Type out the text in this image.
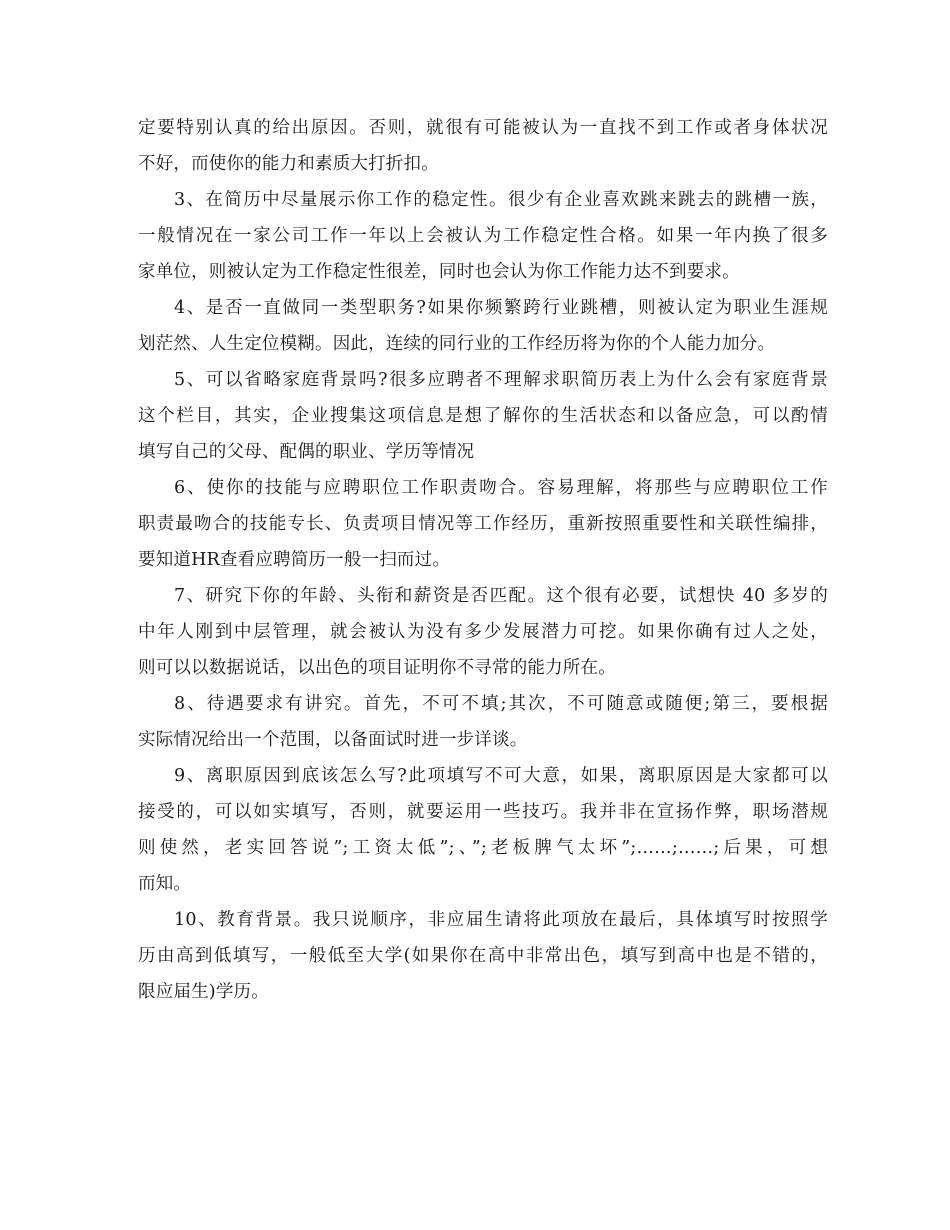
定要特别认真的给出原因。否则，就很有可能被认为一直找不到工作或者身体状况
不好，而使你的能力和素质大打折扣。
3、在简历中尽量展示你工作的稳定性。很少有企业喜欢跳来跳去的跳槽一族，
一般情况在一家公司工作一年以上会被认为工作稳定性合格。如果一年内换了很多
家单位，则被认定为工作稳定性很差，同时也会认为你工作能力达不到要求。
4、是否一直做同一类型职务?如果你频繁跨行业跳槽，则被认定为职业生涯规
划茫然、人生定位模糊。因此，连续的同行业的工作经历将为你的个人能力加分。
5、可以省略家庭背景吗?很多应聘者不理解求职简历表上为什么会有家庭背景
这个栏目，其实，企业搜集这项信息是想了解你的生活状态和以备应急，可以酌情
填写自己的父母、配偶的职业、学历等情况
6、使你的技能与应聘职位工作职责吻合。容易理解，将那些与应聘职位工作
职责最吻合的技能专长、负责项目情况等工作经历，重新按照重要性和关联性编排，
要知道HR查看应聘简历一般一扫而过。
7、研究下你的年龄、头衔和薪资是否匹配。这个很有必要，试想快 40 多岁的
中年人刚到中层管理，就会被认为没有多少发展潜力可挖。如果你确有过人之处，
则可以以数据说话，以出色的项目证明你不寻常的能力所在。
8、待遇要求有讲究。首先，不可不填;其次，不可随意或随便;第三，要根据
实际情况给出一个范围，以备面试时进一步详谈。
9、离职原因到底该怎么写?此项填写不可大意，如果，离职原因是大家都可以
接受的，可以如实填写，否则，就要运用一些技巧。我并非在宣扬作弊，职场潜规
则使然，老实回答说”;工资太低”;、”;老板脾气太坏”;……;……;后果，可想
而知。
10、教育背景。我只说顺序，非应届生请将此项放在最后，具体填写时按照学
历由高到低填写，一般低至大学(如果你在高中非常出色，填写到高中也是不错的，
限应届生)学历。
